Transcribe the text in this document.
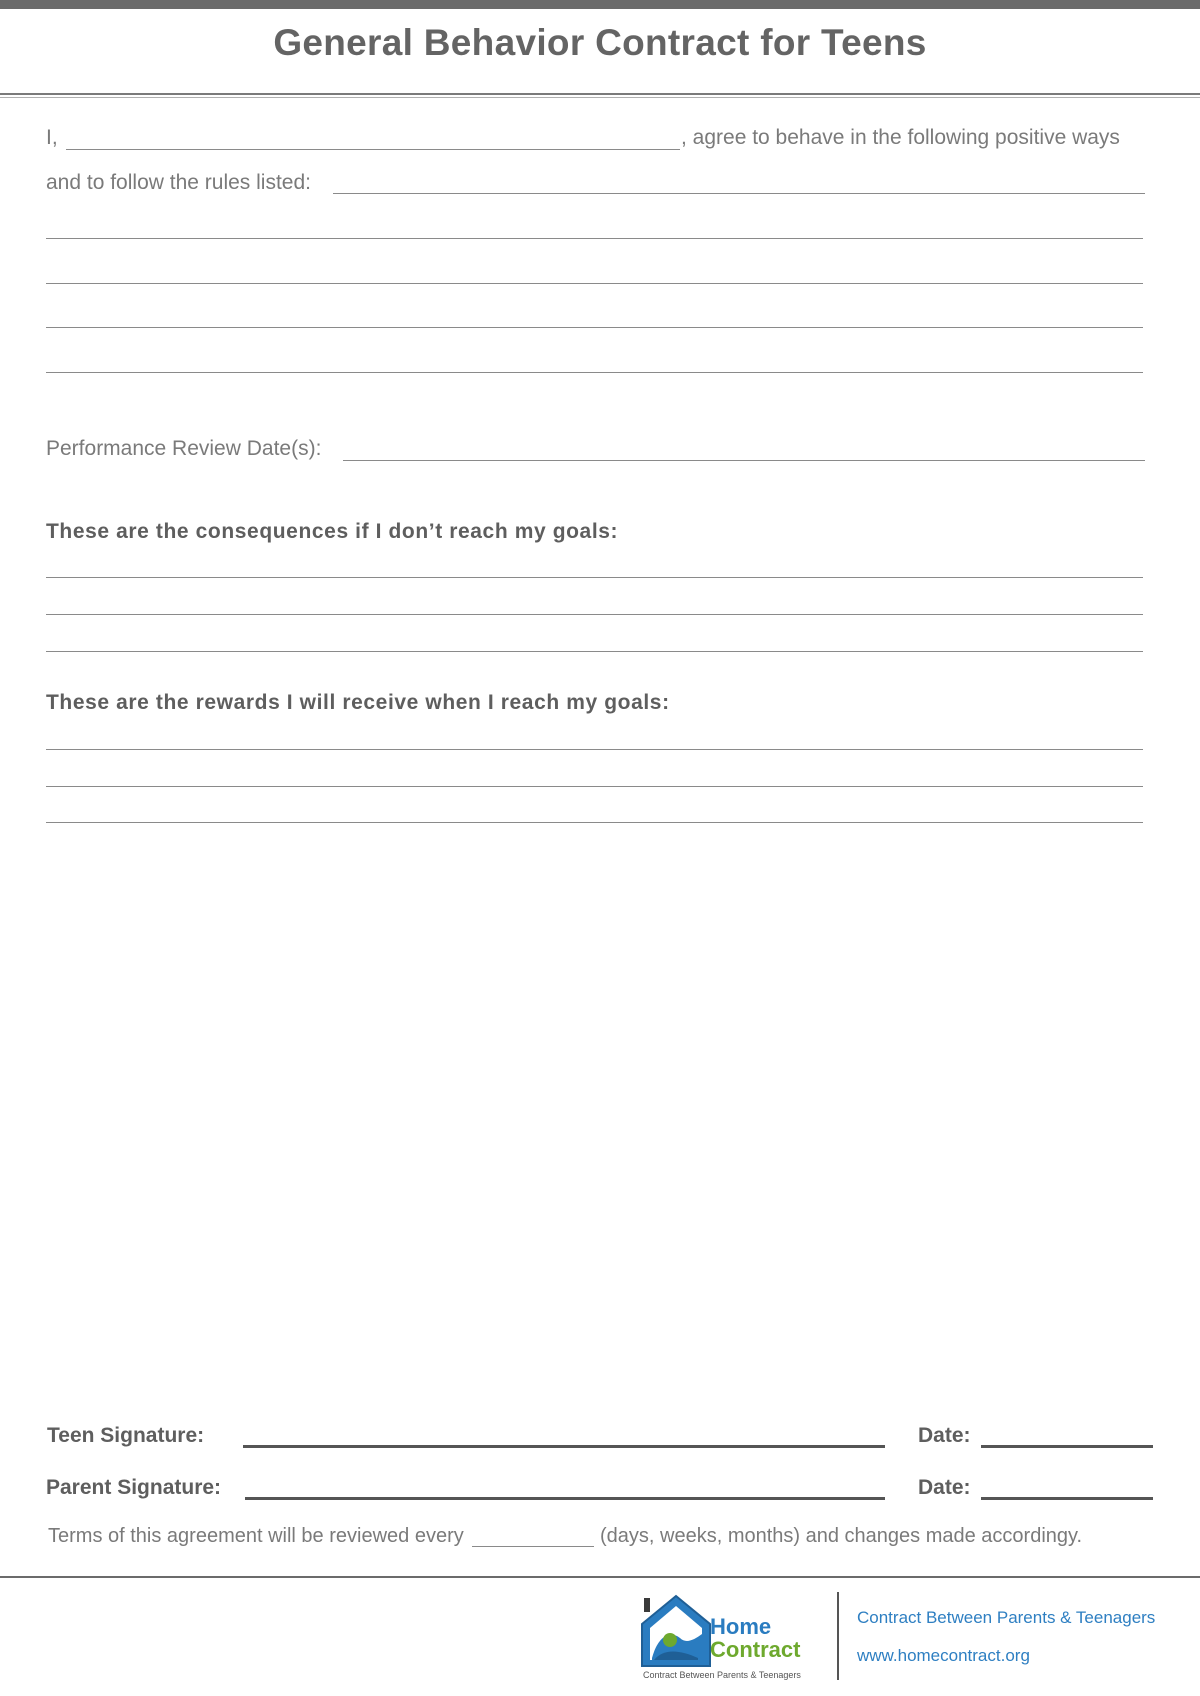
General Behavior Contract for Teens
I,	, agree to behave in the following positive ways
and to follow the rules listed:
Performance Review Date(s):
These are the consequences if I don’t reach my goals:
These are the rewards I will receive when I reach my goals:
Teen Signature:	Date:
Parent Signature:	Date:
Terms of this agreement will be reviewed every	(days, weeks, months) and changes made accordingy.
Home
Contract
Contract Between Parents & Teenagers
Contract Between Parents & Teenagers
www.homecontract.org
